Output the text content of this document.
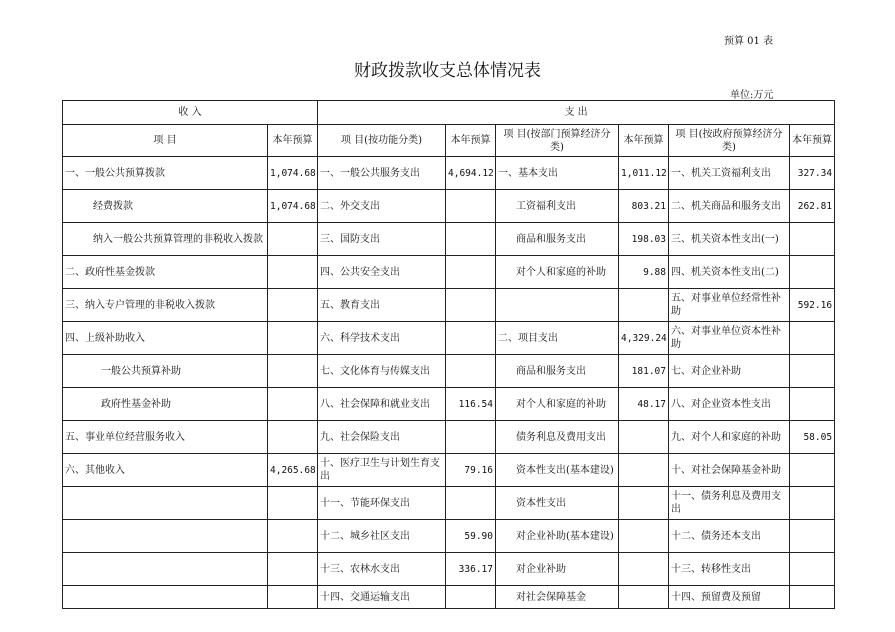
预算 01 表
财政拨款收支总体情况表
单位:万元
收 入		支 出					
项 目	本年预算	项 目(按功能分类)	本年预算	项 目(按部门预算经济分类)	本年预算	项 目(按政府预算经济分类)	本年预算
一、一般公共预算拨款	1,074.68	一、一般公共服务支出	4,694.12	一、基本支出	1,011.12	一、机关工资福利支出	327.34
经费拨款	1,074.68	二、外交支出		工资福利支出	803.21	二、机关商品和服务支出	262.81
纳入一般公共预算管理的非税收入拨款		三、国防支出		商品和服务支出	198.03	三、机关资本性支出(一)	
二、政府性基金拨款		四、公共安全支出		对个人和家庭的补助	9.88	四、机关资本性支出(二)	
三、纳入专户管理的非税收入拨款		五、教育支出				五、对事业单位经常性补助	592.16
四、上级补助收入		六、科学技术支出		二、项目支出	4,329.24	六、对事业单位资本性补助	
一般公共预算补助		七、文化体育与传媒支出		商品和服务支出	181.07	七、对企业补助	
政府性基金补助		八、社会保障和就业支出	116.54	对个人和家庭的补助	48.17	八、对企业资本性支出	
五、事业单位经营服务收入		九、社会保险支出		债务利息及费用支出		九、对个人和家庭的补助	58.05
六、其他收入	4,265.68	十、医疗卫生与计划生育支出	79.16	资本性支出(基本建设)		十、对社会保障基金补助	
		十一、节能环保支出		资本性支出		十一、债务利息及费用支出	
		十二、城乡社区支出	59.90	对企业补助(基本建设)		十二、债务还本支出	
		十三、农林水支出	336.17	对企业补助		十三、转移性支出	
		十四、交通运输支出		对社会保障基金		十四、预留费及预留	
